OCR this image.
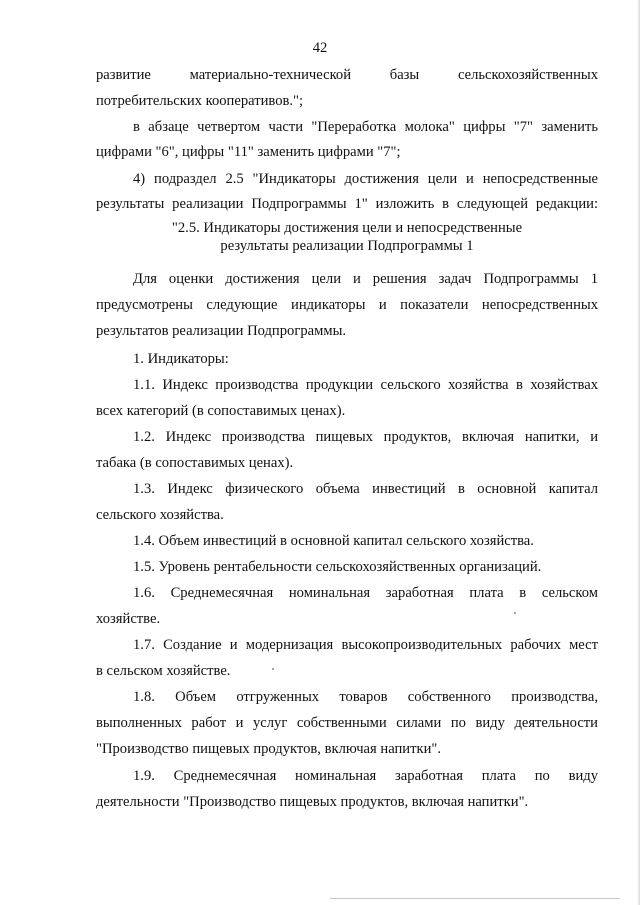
42
развитие материально-технической базы сельскохозяйственных
потребительских кооперативов.";
в абзаце четвертом части "Переработка молока" цифры "7" заменить
цифрами "6", цифры "11" заменить цифрами "7";
4) подраздел 2.5 "Индикаторы достижения цели и непосредственные
результаты реализации Подпрограммы 1" изложить в следующей редакции:
"2.5. Индикаторы достижения цели и непосредственные
результаты реализации Подпрограммы 1
Для оценки достижения цели и решения задач Подпрограммы 1
предусмотрены следующие индикаторы и показатели непосредственных
результатов реализации Подпрограммы.
1. Индикаторы:
1.1. Индекс производства продукции сельского хозяйства в хозяйствах
всех категорий (в сопоставимых ценах).
1.2. Индекс производства пищевых продуктов, включая напитки, и
табака (в сопоставимых ценах).
1.3. Индекс физического объема инвестиций в основной капитал
сельского хозяйства.
1.4. Объем инвестиций в основной капитал сельского хозяйства.
1.5. Уровень рентабельности сельскохозяйственных организаций.
1.6. Среднемесячная номинальная заработная плата в сельском
хозяйстве.
1.7. Создание и модернизация высокопроизводительных рабочих мест
в сельском хозяйстве.
1.8. Объем отгруженных товаров собственного производства,
выполненных работ и услуг собственными силами по виду деятельности
"Производство пищевых продуктов, включая напитки".
1.9. Среднемесячная номинальная заработная плата по виду
деятельности "Производство пищевых продуктов, включая напитки".
